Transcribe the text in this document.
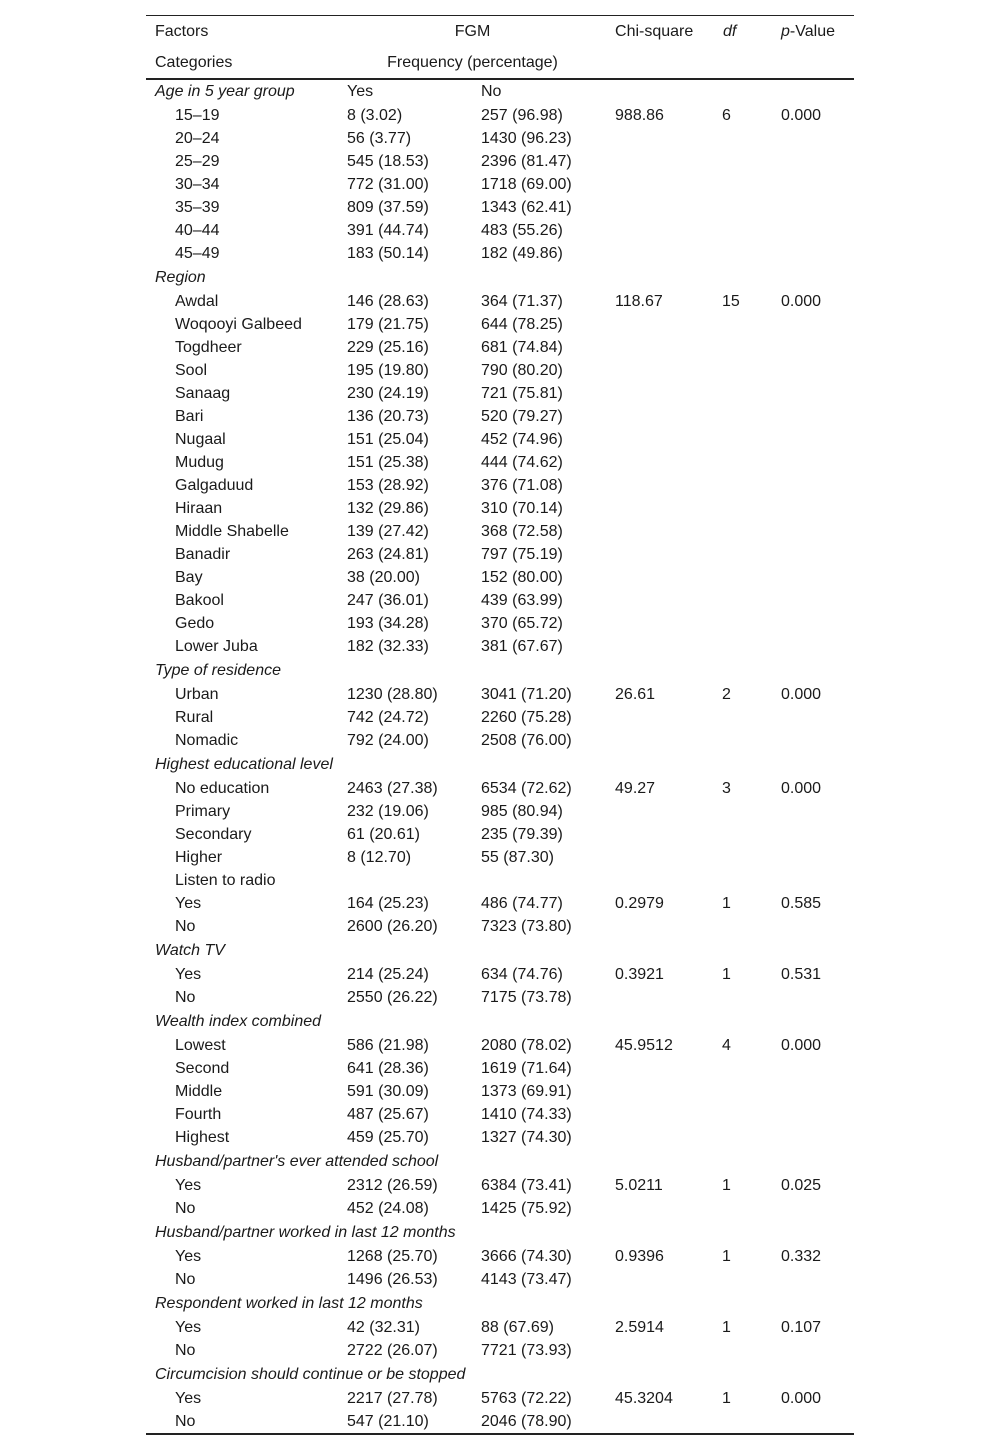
Factors	FGM		Chi-square	df	p-Value
Categories	Frequency (percentage)				
Age in 5 year group	Yes	No			
15–19	8 (3.02)	257 (96.98)	988.86	6	0.000
20–24	56 (3.77)	1430 (96.23)			
25–29	545 (18.53)	2396 (81.47)			
30–34	772 (31.00)	1718 (69.00)			
35–39	809 (37.59)	1343 (62.41)			
40–44	391 (44.74)	483 (55.26)			
45–49	183 (50.14)	182 (49.86)			
Region					
Awdal	146 (28.63)	364 (71.37)	118.67	15	0.000
Woqooyi Galbeed	179 (21.75)	644 (78.25)			
Togdheer	229 (25.16)	681 (74.84)			
Sool	195 (19.80)	790 (80.20)			
Sanaag	230 (24.19)	721 (75.81)			
Bari	136 (20.73)	520 (79.27)			
Nugaal	151 (25.04)	452 (74.96)			
Mudug	151 (25.38)	444 (74.62)			
Galgaduud	153 (28.92)	376 (71.08)			
Hiraan	132 (29.86)	310 (70.14)			
Middle Shabelle	139 (27.42)	368 (72.58)			
Banadir	263 (24.81)	797 (75.19)			
Bay	38 (20.00)	152 (80.00)			
Bakool	247 (36.01)	439 (63.99)			
Gedo	193 (34.28)	370 (65.72)			
Lower Juba	182 (32.33)	381 (67.67)			
Type of residence					
Urban	1230 (28.80)	3041 (71.20)	26.61	2	0.000
Rural	742 (24.72)	2260 (75.28)			
Nomadic	792 (24.00)	2508 (76.00)			
Highest educational level					
No education	2463 (27.38)	6534 (72.62)	49.27	3	0.000
Primary	232 (19.06)	985 (80.94)			
Secondary	61 (20.61)	235 (79.39)			
Higher	8 (12.70)	55 (87.30)			
Listen to radio					
Yes	164 (25.23)	486 (74.77)	0.2979	1	0.585
No	2600 (26.20)	7323 (73.80)			
Watch TV					
Yes	214 (25.24)	634 (74.76)	0.3921	1	0.531
No	2550 (26.22)	7175 (73.78)			
Wealth index combined					
Lowest	586 (21.98)	2080 (78.02)	45.9512	4	0.000
Second	641 (28.36)	1619 (71.64)			
Middle	591 (30.09)	1373 (69.91)			
Fourth	487 (25.67)	1410 (74.33)			
Highest	459 (25.70)	1327 (74.30)			
Husband/partner's ever attended school					
Yes	2312 (26.59)	6384 (73.41)	5.0211	1	0.025
No	452 (24.08)	1425 (75.92)			
Husband/partner worked in last 12 months					
Yes	1268 (25.70)	3666 (74.30)	0.9396	1	0.332
No	1496 (26.53)	4143 (73.47)			
Respondent worked in last 12 months					
Yes	42 (32.31)	88 (67.69)	2.5914	1	0.107
No	2722 (26.07)	7721 (73.93)			
Circumcision should continue or be stopped					
Yes	2217 (27.78)	5763 (72.22)	45.3204	1	0.000
No	547 (21.10)	2046 (78.90)			
